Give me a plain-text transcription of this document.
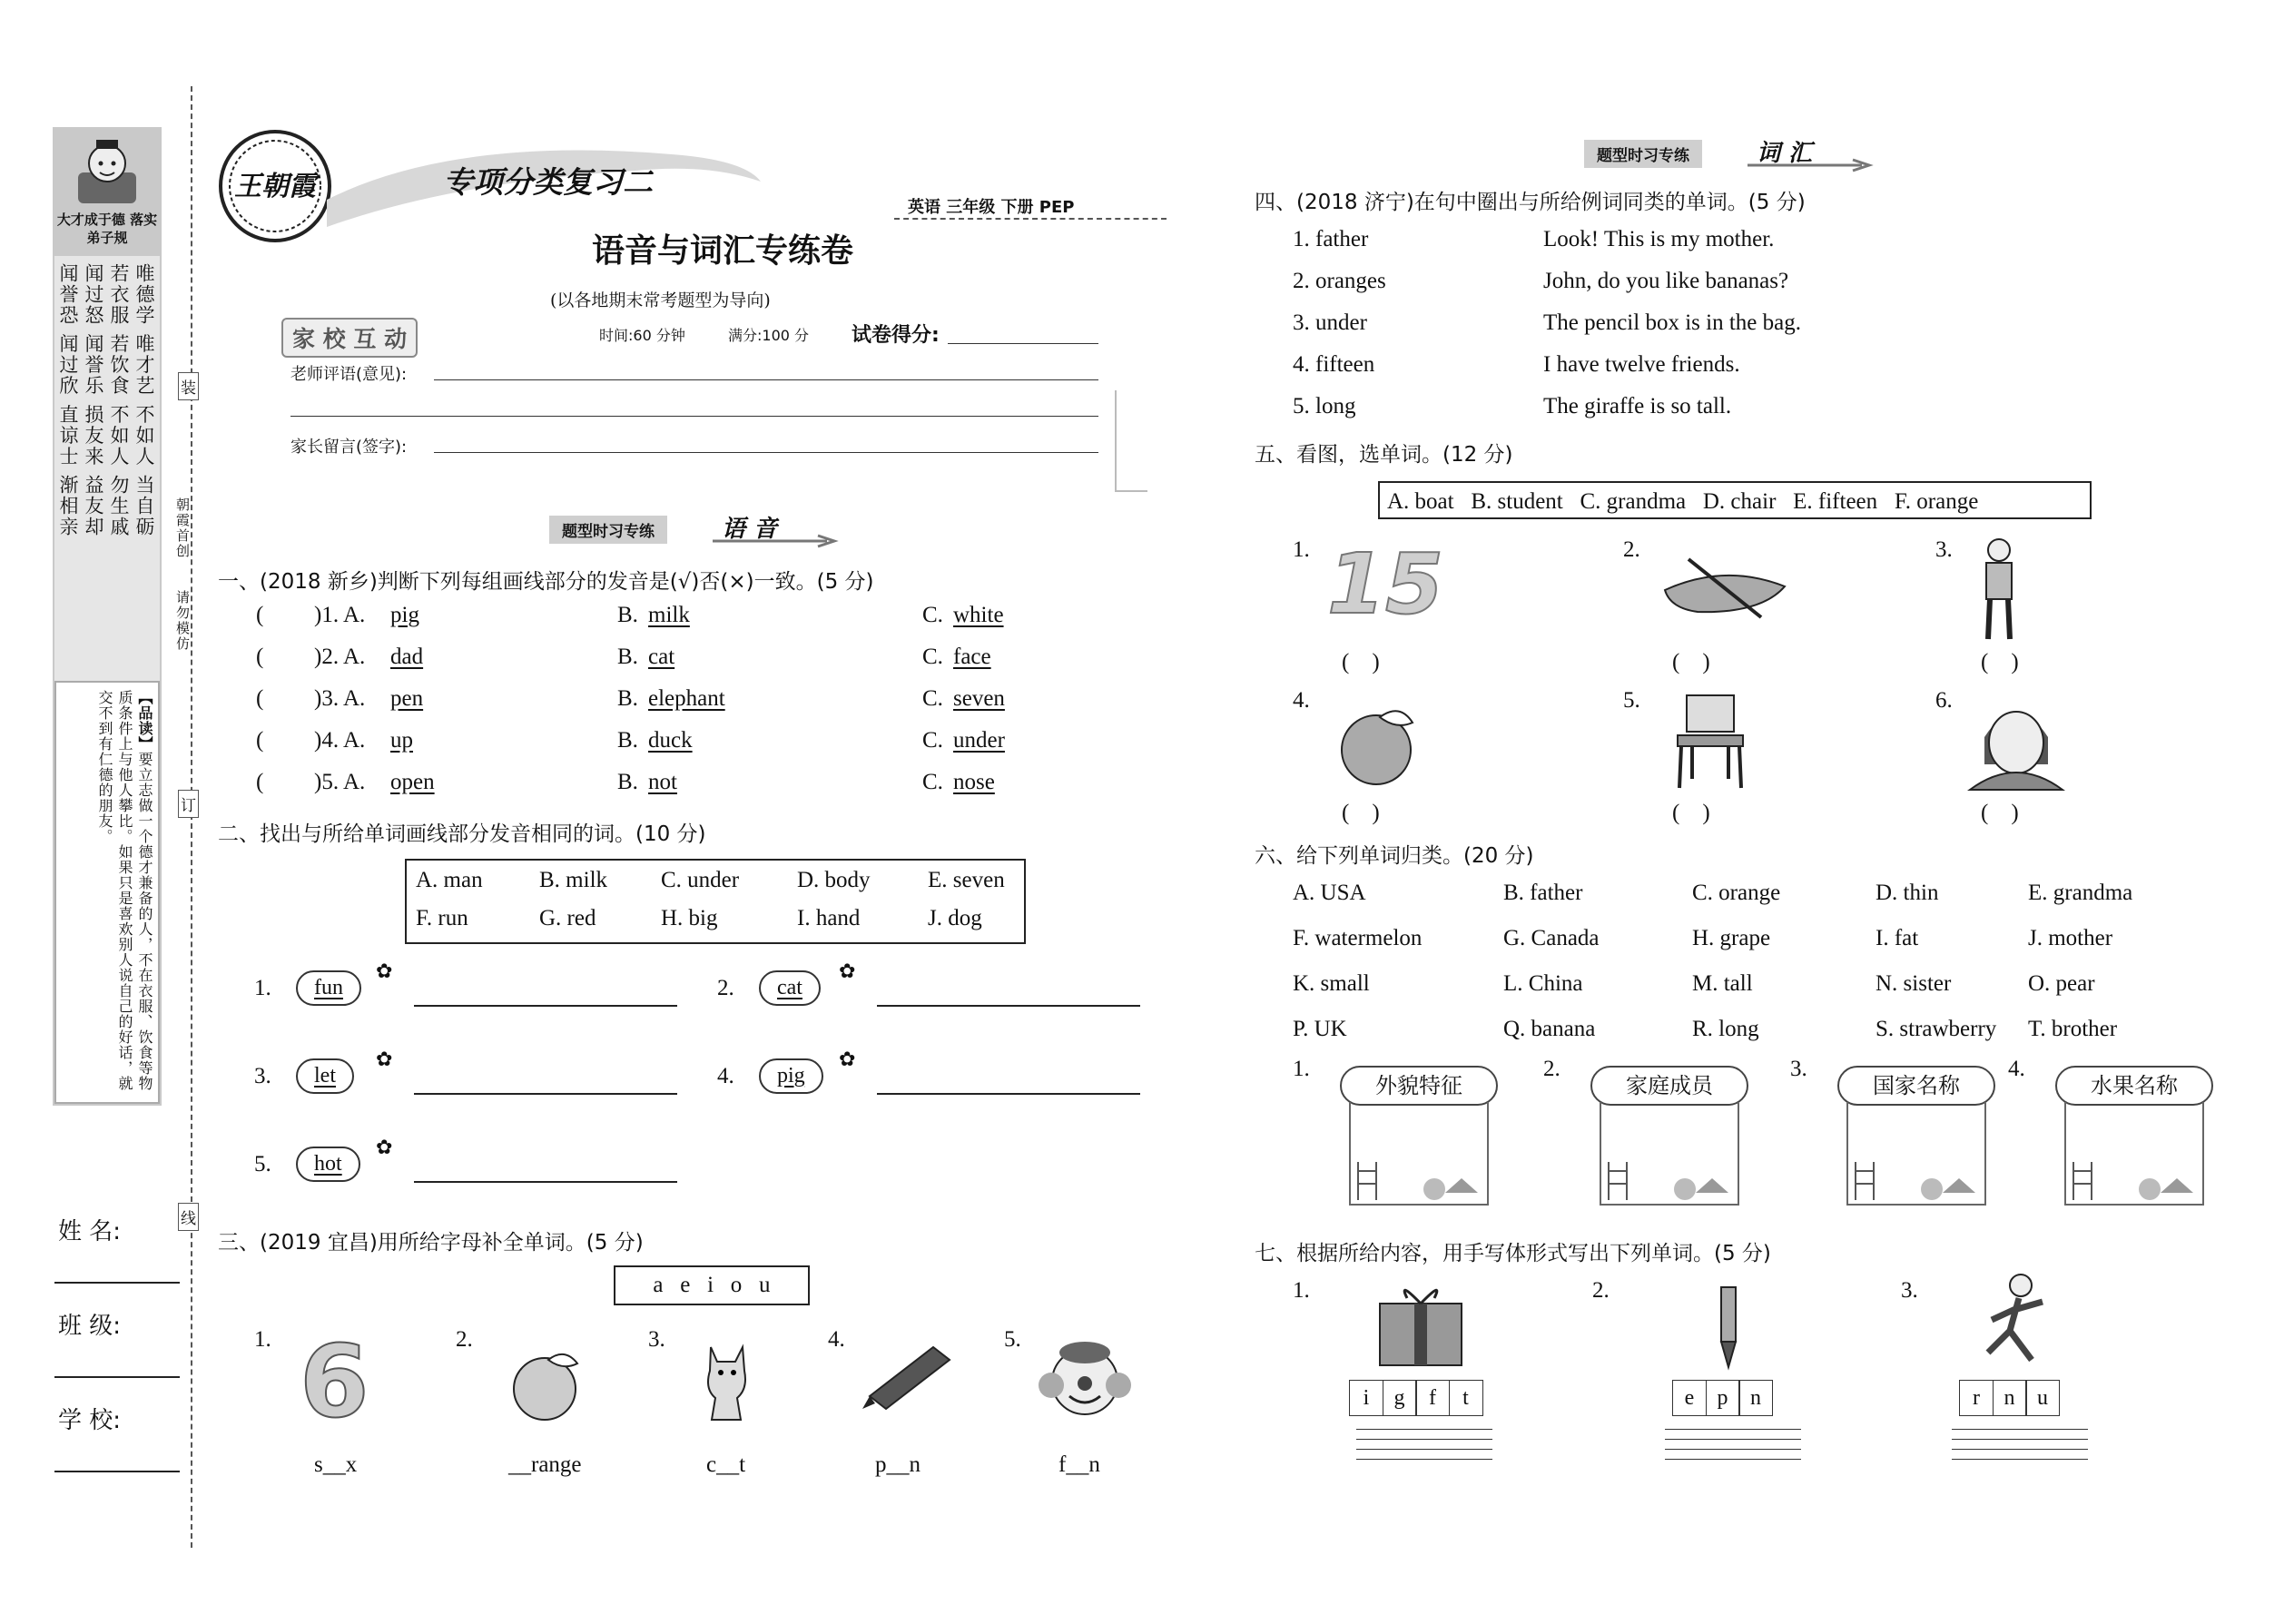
大才成于德 落实弟子规
唯德学 唯才艺 不如人 当自砺
若衣服 若饮食 不如人 勿生戚
闻过怒 闻誉乐 损友来 益友却
闻誉恐 闻过欣 直谅士 渐相亲
【品读】要立志做一个德才兼备的人，不在衣服、饮食等物质条件上与他人攀比。如果只是喜欢别人说自己的好话，就交不到有仁德的朋友。
姓 名:
班 级:
学 校:
装
订
线
朝霞首创
请勿模仿
王朝霞	专项分类复习二
英语 三年级 下册 PEP
语音与词汇专练卷
(以各地期末常考题型为导向)
时间:60 分钟	满分:100 分 试卷得分:
家 校 互 动
老师评语(意见):
家长留言(签字):
题型时习专练	语 音
一、(2018 新乡)判断下列每组画线部分的发音是(√)否(×)一致。(5 分)
( )1. A. pig	B. milk	C. white
( )2. A. dad	B. cat	C. face
( )3. A. pen	B. elephant	C. seven
( )4. A. up	B. duck	C. under
( )5. A. open	B. not	C. nose
二、找出与所给单词画线部分发音相同的词。(10 分)
A. man B. milk C. under	D. body	E. seven
F. run	G. red	H. big	I. hand	J. dog
1.	fun
✿
2.	cat
✿
3.	let
✿
4.	pig
✿
5.	hot
✿
三、(2019 宜昌)用所给字母补全单词。(5 分)
a   e   i   o   u
1. 6
s__x
2.
__range
3.
c__t
4.
p__n
5.
f__n
题型时习专练	词 汇
四、(2018 济宁)在句中圈出与所给例词同类的单词。(5 分)
1. father	Look! This is my mother.
2. oranges	John, do you like bananas?
3. under	The pencil box is in the bag.
4. fifteen	I have twelve friends.
5. long	The giraffe is so tall.
五、看图，选单词。(12 分)
A. boat   B. student   C. grandma   D. chair   E. fifteen   F. orange
1. 15
(    )
2.
(    )
3.
(    )
4.
(    )
5.
(    )
6.
(    )
六、给下列单词归类。(20 分)
A. USA	B. father	C. orange	D. thin	E. grandma
F. watermelon	G. Canada	H. grape	I. fat	J. mother
K. small	L. China	M. tall	N. sister	O. pear
P. UK	Q. banana	R. long	S. strawberry T. brother
1.
外貌特征
2.
家庭成员
3.
国家名称
4.
水果名称
七、根据所给内容，用手写体形式写出下列单词。(5 分)
1.
i g f t
2.
e p n
3.
r n u
